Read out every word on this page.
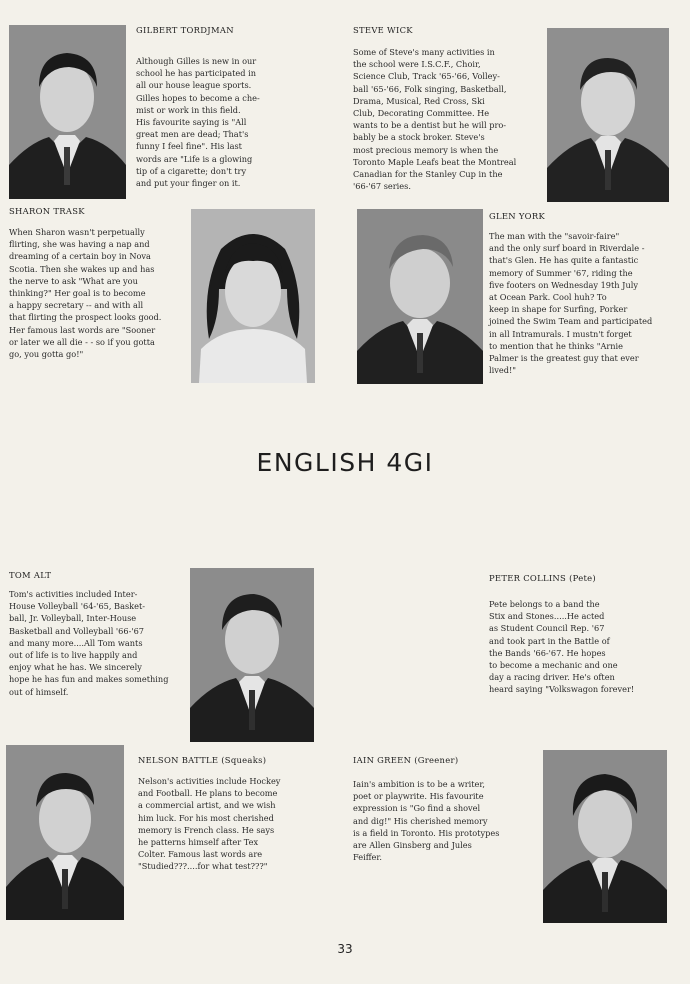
GILBERT TORDJMAN
Although Gilles is new in our
school he has participated in
all our house league sports.
Gilles hopes to become a che-
mist or work in this field.
His favourite saying is "All
great men are dead; That's
funny I feel fine". His last
words are "Life is a glowing
tip of a cigarette; don't try
and put your finger on it.
STEVE WICK
Some of Steve's many activities in
the school were I.S.C.F., Choir,
Science Club, Track '65-'66, Volley-
ball '65-'66, Folk singing, Basketball,
Drama, Musical, Red Cross, Ski
Club, Decorating Committee. He
wants to be a dentist but he will pro-
bably be a stock broker. Steve's
most precious memory is when the
Toronto Maple Leafs beat the Montreal
Canadian for the Stanley Cup in the
'66-'67 series.
SHARON TRASK
When Sharon wasn't perpetually
flirting, she was having a nap and
dreaming of a certain boy in Nova
Scotia. Then she wakes up and has
the nerve to ask "What are you
thinking?" Her goal is to become
a happy secretary -- and with all
that flirting the prospect looks good.
Her famous last words are "Sooner
or later we all die - - so if you gotta
go, you gotta go!"
GLEN YORK
The man with the "savoir-faire"
and the only surf board in Riverdale -
that's Glen. He has quite a fantastic
memory of Summer '67, riding the
five footers on Wednesday 19th July
at Ocean Park. Cool huh? To
keep in shape for Surfing, Porker
joined the Swim Team and participated
in all Intramurals. I mustn't forget
to mention that he thinks "Arnie
Palmer is the greatest guy that ever
lived!"
ENGLISH 4GI
TOM ALT
Tom's activities included Inter-
House Volleyball '64-'65, Basket-
ball, Jr. Volleyball, Inter-House
Basketball and Volleyball '66-'67
and many more....All Tom wants
out of life is to live happily and
enjoy what he has. We sincerely
hope he has fun and makes something
out of himself.
PETER COLLINS (Pete)
Pete belongs to a band the
Stix and Stones.....He acted
as Student Council Rep. '67
and took part in the Battle of
the Bands '66-'67. He hopes
to become a mechanic and one
day a racing driver. He's often
heard saying "Volkswagon forever!
NELSON BATTLE (Squeaks)
Nelson's activities include Hockey
and Football. He plans to become
a commercial artist, and we wish
him luck. For his most cherished
memory is French class. He says
he patterns himself after Tex
Colter. Famous last words are
"Studied???....for what test???"
IAIN GREEN (Greener)
Iain's ambition is to be a writer,
poet or playwrite. His favourite
expression is "Go find a shovel
and dig!" His cherished memory
is a field in Toronto. His prototypes
are Allen Ginsberg and Jules
Feiffer.
33
